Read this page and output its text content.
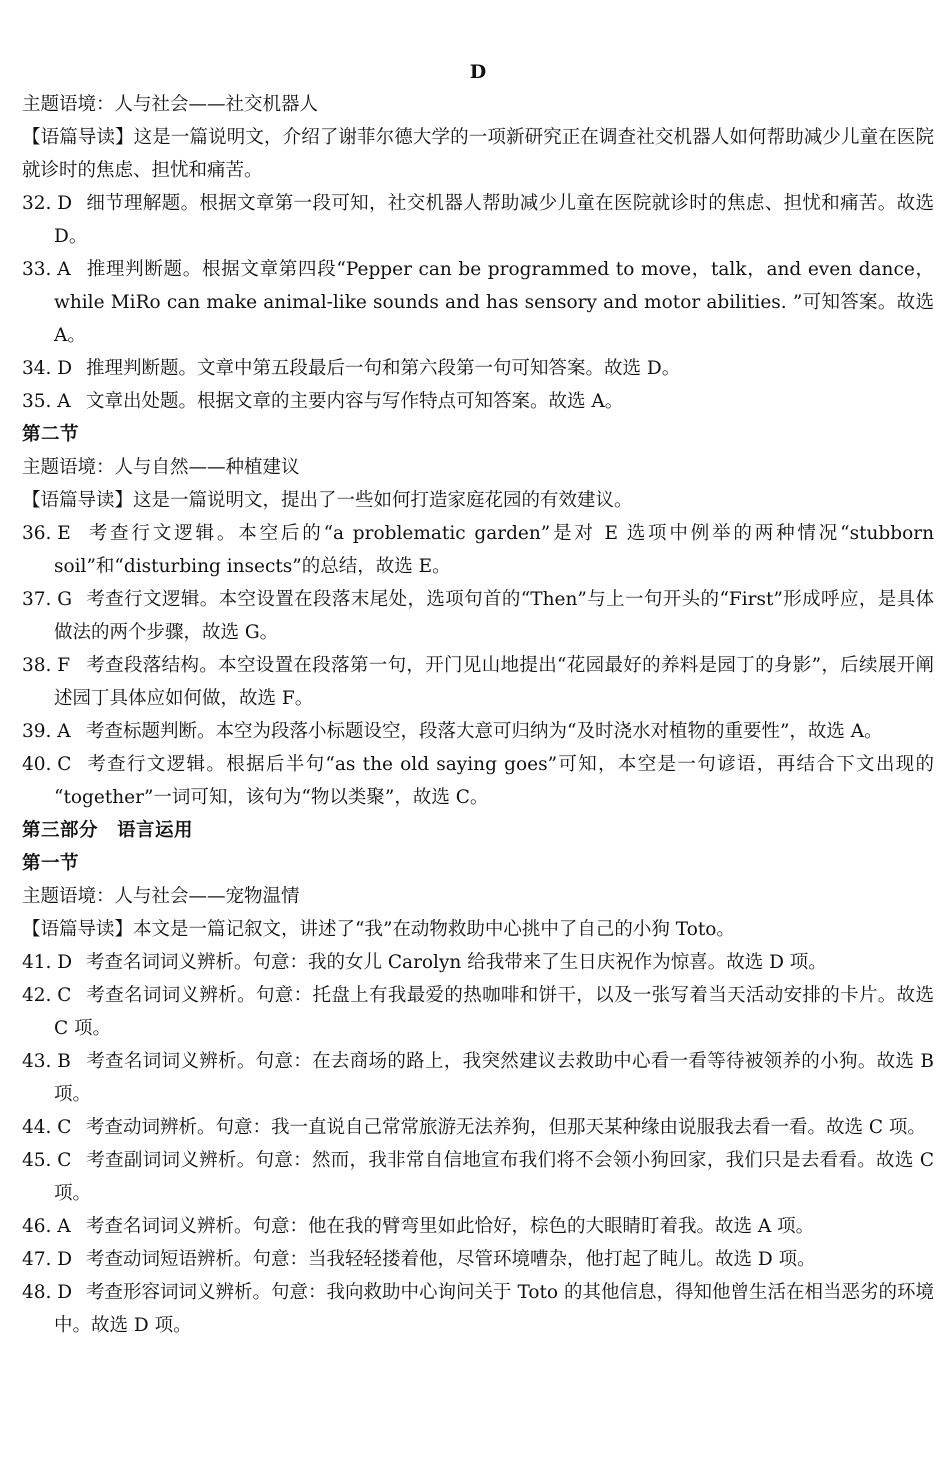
D
主题语境：人与社会——社交机器人
【语篇导读】这是一篇说明文，介绍了谢菲尔德大学的一项新研究正在调查社交机器人如何帮助减少儿童在医院就诊时的焦虑、担忧和痛苦。
32. D 细节理解题。根据文章第一段可知，社交机器人帮助减少儿童在医院就诊时的焦虑、担忧和痛苦。故选 D。
33. A 推理判断题。根据文章第四段“Pepper can be programmed to move，talk，and even dance，while MiRo can make animal-like sounds and has sensory and motor abilities. ”可知答案。故选 A。
34. D 推理判断题。文章中第五段最后一句和第六段第一句可知答案。故选 D。
35. A 文章出处题。根据文章的主要内容与写作特点可知答案。故选 A。
第二节
主题语境：人与自然——种植建议
【语篇导读】这是一篇说明文，提出了一些如何打造家庭花园的有效建议。
36. E 考查行文逻辑。本空后的“a problematic garden”是对 E 选项中例举的两种情况“stubborn soil”和“disturbing insects”的总结，故选 E。
37. G 考查行文逻辑。本空设置在段落末尾处，选项句首的“Then”与上一句开头的“First”形成呼应，是具体做法的两个步骤，故选 G。
38. F 考查段落结构。本空设置在段落第一句，开门见山地提出“花园最好的养料是园丁的身影”，后续展开阐述园丁具体应如何做，故选 F。
39. A 考查标题判断。本空为段落小标题设空，段落大意可归纳为“及时浇水对植物的重要性”，故选 A。
40. C 考查行文逻辑。根据后半句“as the old saying goes”可知，本空是一句谚语，再结合下文出现的 “together”一词可知，该句为“物以类聚”，故选 C。
第三部分　语言运用
第一节
主题语境：人与社会——宠物温情
【语篇导读】本文是一篇记叙文，讲述了“我”在动物救助中心挑中了自己的小狗 Toto。
41. D 考查名词词义辨析。句意：我的女儿 Carolyn 给我带来了生日庆祝作为惊喜。故选 D 项。
42. C 考查名词词义辨析。句意：托盘上有我最爱的热咖啡和饼干，以及一张写着当天活动安排的卡片。故选 C 项。
43. B 考查名词词义辨析。句意：在去商场的路上，我突然建议去救助中心看一看等待被领养的小狗。故选 B 项。
44. C 考查动词辨析。句意：我一直说自己常常旅游无法养狗，但那天某种缘由说服我去看一看。故选 C 项。
45. C 考查副词词义辨析。句意：然而，我非常自信地宣布我们将不会领小狗回家，我们只是去看看。故选 C 项。
46. A 考查名词词义辨析。句意：他在我的臂弯里如此恰好，棕色的大眼睛盯着我。故选 A 项。
47. D 考查动词短语辨析。句意：当我轻轻搂着他，尽管环境嘈杂，他打起了盹儿。故选 D 项。
48. D 考查形容词词义辨析。句意：我向救助中心询问关于 Toto 的其他信息，得知他曾生活在相当恶劣的环境中。故选 D 项。
